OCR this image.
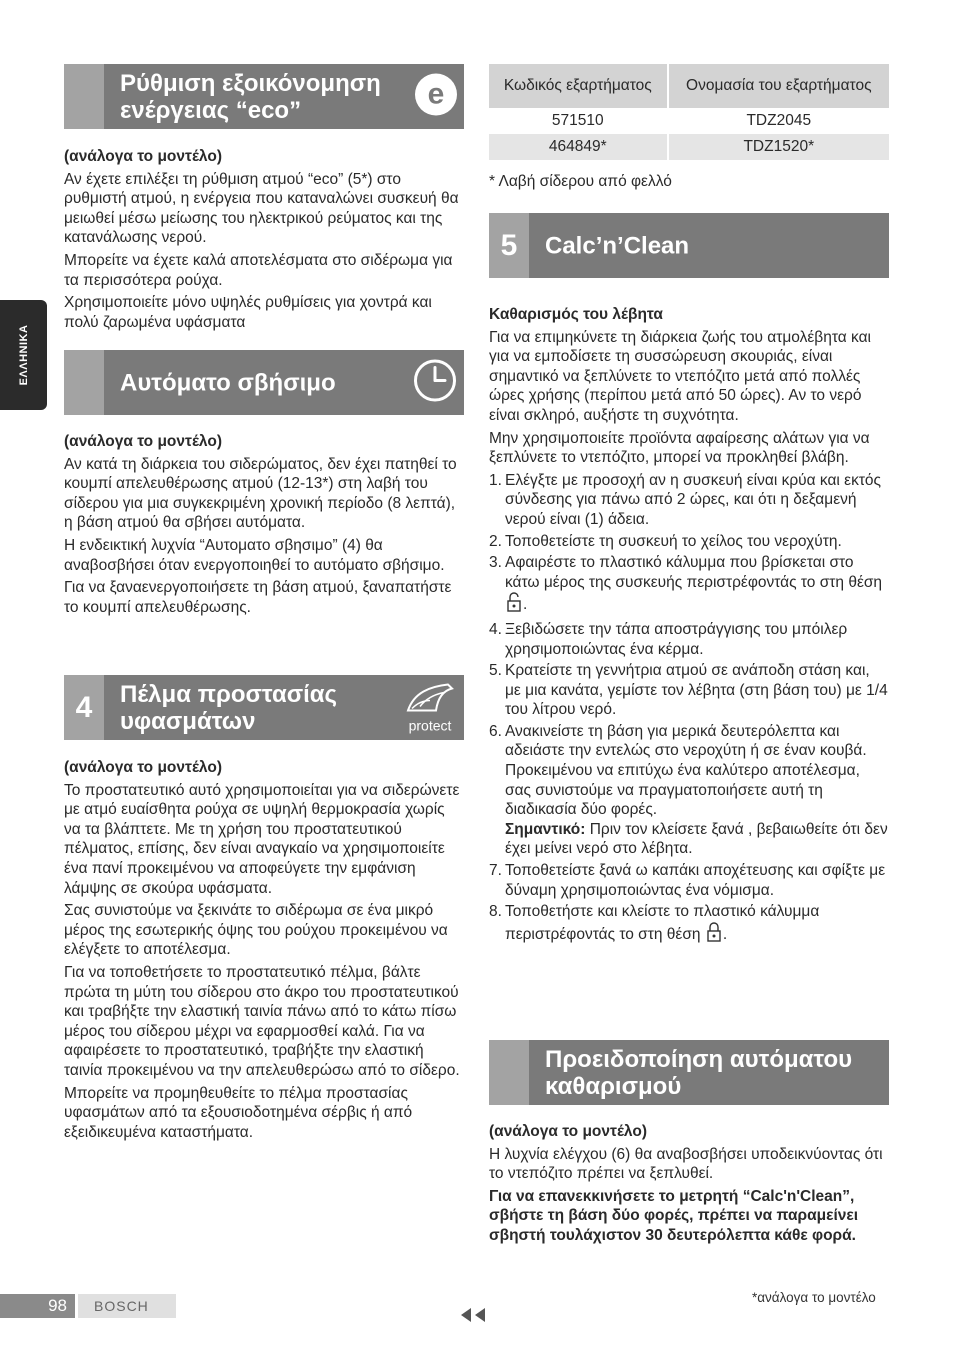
ΕΛΛΗΝΙΚΑ
Ρύθμιση εξοικόνομηση ενέργειας “eco”	e

(ανάλογα το μοντέλο)

Αν έχετε επιλέξει τη ρύθμιση ατμού “eco” (5*) στο ρυθμιστή ατμού, η ενέργεια που καταναλώνει συσκευή θα μειωθεί μέσω μείωσης του ηλεκτρικού ρεύματος και της κατανάλωσης νερού.

Μπορείτε να έχετε καλά αποτελέσματα στο σιδέρωμα για τα περισσότερα ρούχα.

Χρησιμοποιείτε μόνο υψηλές ρυθμίσεις για χοντρά και πολύ ζαρωμένα υφάσματα

Αυτόματο σβήσιμο

(ανάλογα το μοντέλο)

Αν κατά τη διάρκεια του σιδερώματος, δεν έχει πατηθεί το κουμπί απελευθέρωσης ατμού (12-13*) στη λαβή του σίδερου για μια συγκεκριμένη χρονική περίοδο (8 λεπτά), η βάση ατμού θα σβήσει αυτόματα.

Η ενδεικτική λυχνία “Αυτοματο σβησιμο” (4) θα αναβοσβήσει όταν ενεργοποιηθεί το αυτόματο σβήσιμο.

Για να ξαναενεργοποιήσετε τη βάση ατμού, ξαναπατήστε το κουμπί απελευθέρωσης.

4	Πέλμα προστασίας υφασμάτων	protect

(ανάλογα το μοντέλο)

Το προστατευτικό αυτό χρησιμοποιείται για να σιδερώνετε με ατμό ευαίσθητα ρούχα σε υψηλή θερμοκρασία χωρίς να τα βλάπτετε. Με τη χρήση του προστατευτικού πέλματος, επίσης, δεν είναι αναγκαίο να χρησιμοποιείτε ένα πανί προκειμένου να αποφεύγετε την εμφάνιση λάμψης σε σκούρα υφάσματα.

Σας συνιστούμε να ξεκινάτε το σιδέρωμα σε ένα μικρό μέρος της εσωτερικής όψης του ρούχου προκειμένου να ελέγξετε το αποτέλεσμα.

Για να τοποθετήσετε το προστατευτικό πέλμα, βάλτε πρώτα τη μύτη του σίδερου στο άκρο του προστατευτικού και τραβήξτε την ελαστική ταινία πάνω από το κάτω πίσω μέρος του σίδερου μέχρι να εφαρμοσθεί καλά. Για να αφαιρέσετε το προστατευτικό, τραβήξτε την ελαστική ταινία προκειμένου να την απελευθερώσω από το σίδερο.

Μπορείτε να προμηθευθείτε το πέλμα προστασίας υφασμάτων από τα εξουσιοδοτημένα σέρβις ή από εξειδικευμένα καταστήματα.

Κωδικός εξαρτήματος	Ονομασία του εξαρτήματος
571510	TDZ2045
464849*	TDZ1520*
* Λαβή σίδερου από φελλό
5	Calc’n’Clean

Καθαρισμός του λέβητα

Για να επιμηκύνετε τη διάρκεια ζωής του ατμολέβητα και για να εμποδίσετε τη συσσώρευση σκουριάς, είναι σημαντικό να ξεπλύνετε το ντεπόζιτο μετά από πολλές ώρες χρήσης (περίπου μετά από 50 ώρες). Αν το νερό είναι σκληρό, αυξήστε τη συχνότητα.

Μην χρησιμοποιείτε προϊόντα αφαίρεσης αλάτων για να ξεπλύνετε το ντεπόζιτο, μπορεί να προκληθεί βλάβη.

1. Ελέγξτε με προσοχή αν η συσκευή είναι κρύα και εκτός σύνδεσης για πάνω από 2 ώρες, και ότι η δεξαμενή νερού είναι (1) άδεια.
2. Τοποθετείστε τη συσκευή το χείλος του νεροχύτη.
3. Αφαιρέστε το πλαστικό κάλυμμα που βρίσκεται στο κάτω μέρος της συσκευής περιστρέφοντάς το στη θέση .
4. Ξεβιδώσετε την τάπα αποστράγγισης του μπόιλερ χρησιμοποιώντας ένα κέρμα.
5. Κρατείστε τη γεννήτρια ατμού σε ανάποδη στάση και, με μια κανάτα, γεμίστε τον λέβητα (στη βάση του) με 1/4 του λίτρου νερό.
6. Ανακινείστε τη βάση για μερικά δευτερόλεπτα και αδειάστε την εντελώς στο νεροχύτη ή σε έναν κουβά. Προκειμένου να επιτύχω ένα καλύτερο αποτέλεσμα, σας συνιστούμε να πραγματοποιήσετε αυτή τη διαδικασία δύο φορές.
Σημαντικό: Πριν τον κλείσετε ξανά , βεβαιωθείτε ότι δεν έχει μείνει νερό στο λέβητα.
7. Τοποθετείστε ξανά ω καπάκι αποχέτευσης και σφίξτε με δύναμη χρησιμοποιώντας ένα νόμισμα.
8. Τοποθετήστε και κλείστε το πλαστικό κάλυμμα περιστρέφοντάς το στη θέση .
Προειδοποίηση αυτόματου καθαρισμού

(ανάλογα το μοντέλο)

Η λυχνία ελέγχου (6) θα αναβοσβήσει υποδεικνύοντας ότι το ντεπόζιτο πρέπει να ξεπλυθεί.

Για να επανεκκινήσετε το μετρητή “Calc'n'Clean”, σβήστε τη βάση δύο φορές, πρέπει να παραμείνει σβηστή τουλάχιστον 30 δευτερόλεπτα κάθε φορά.

98	BOSCH
*ανάλογα το μοντέλο
